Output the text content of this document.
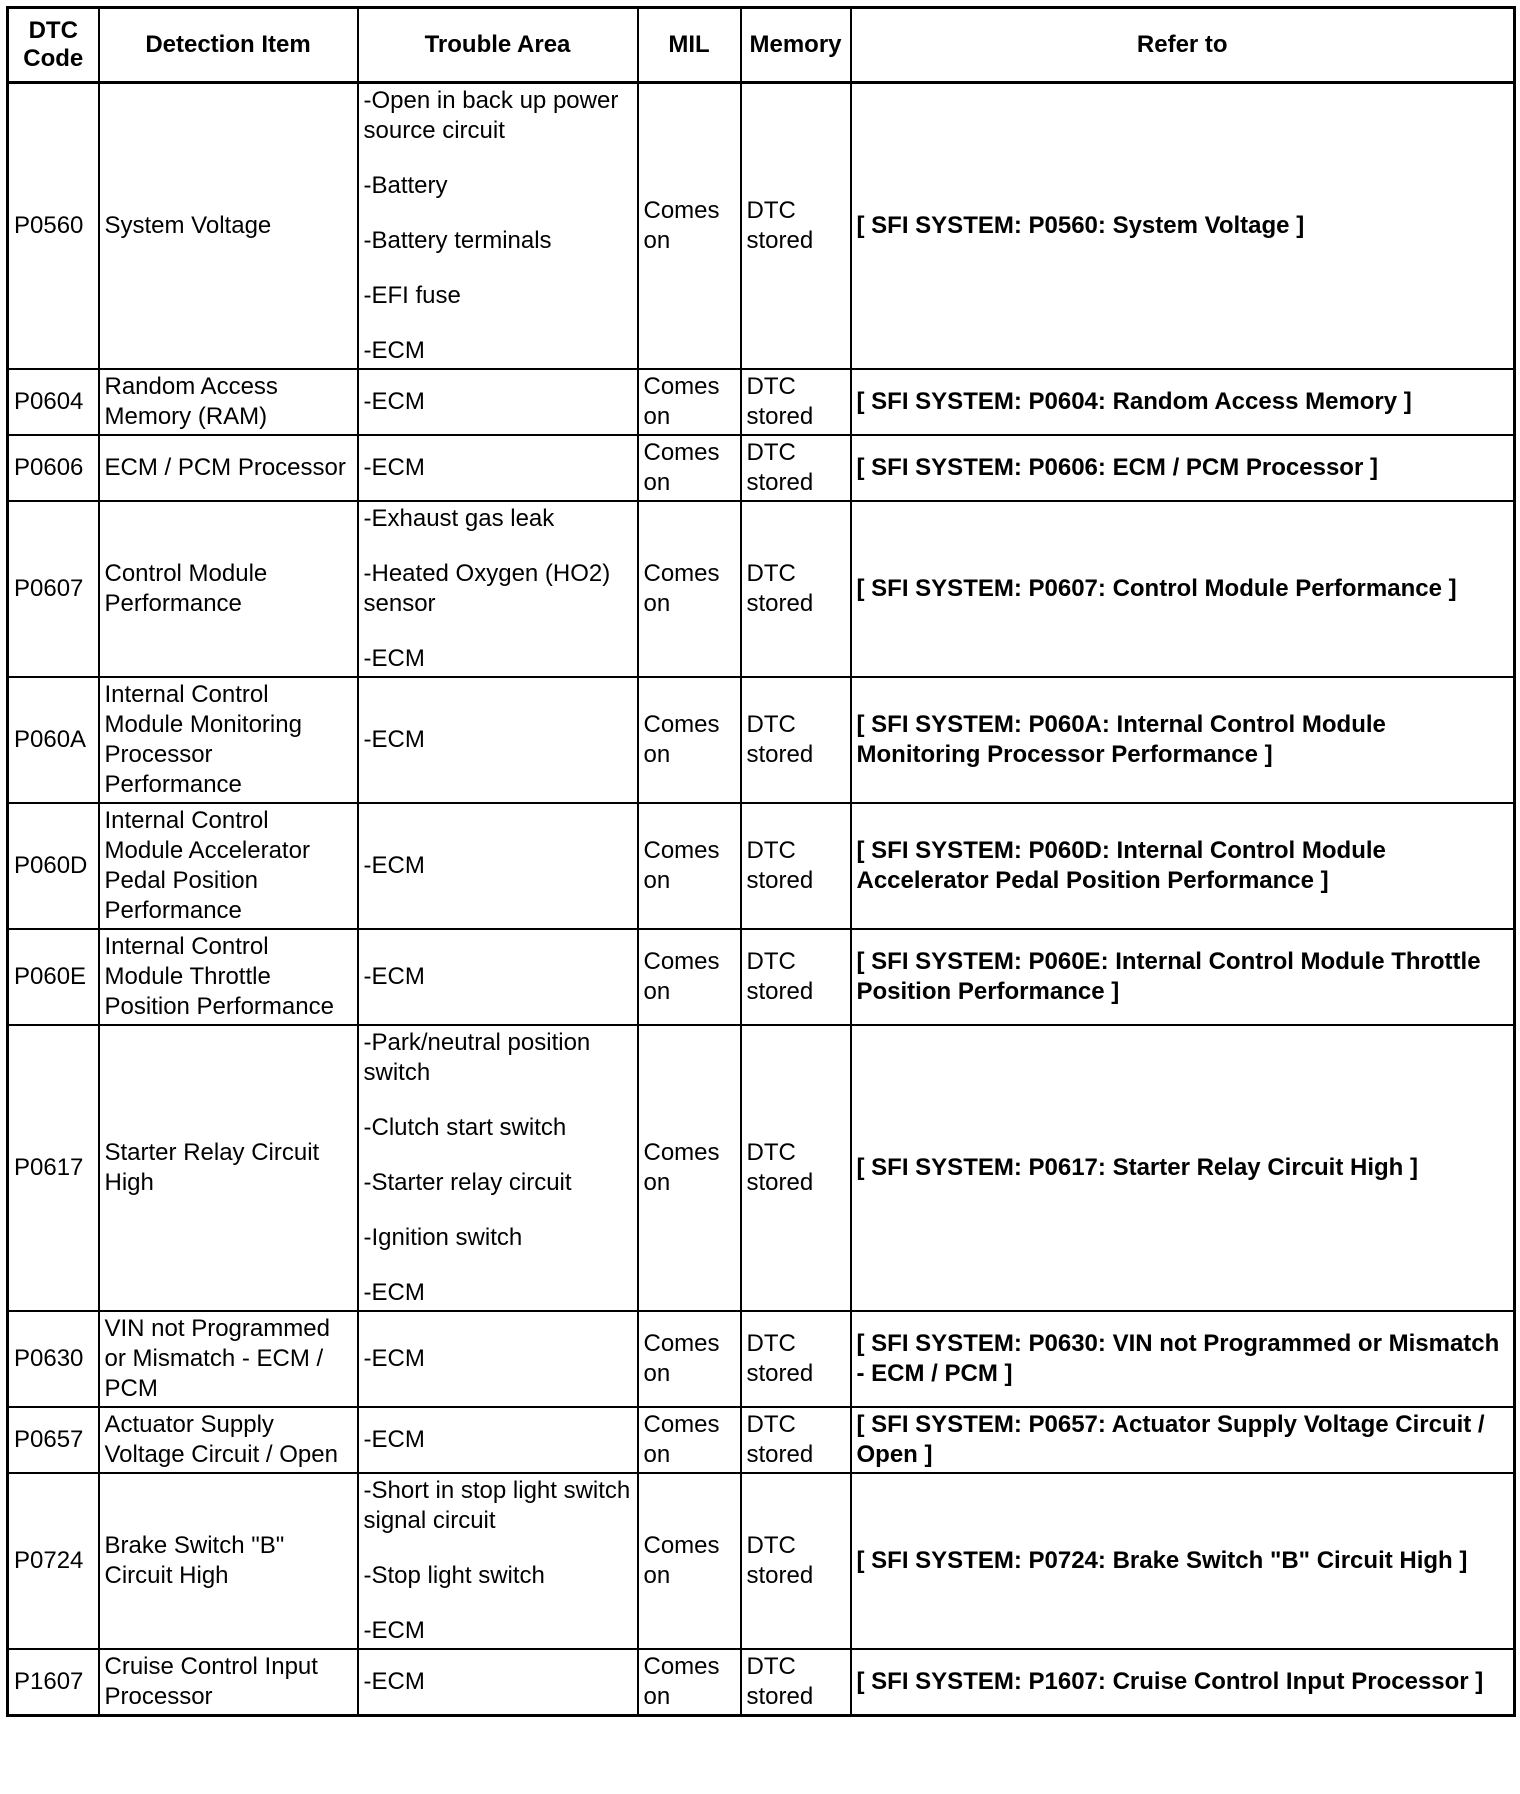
DTC Code	Detection Item	Trouble Area	MIL	Memory	Refer to
P0560	System Voltage	-Open in back up power source circuit
-Battery
-Battery terminals
-EFI fuse
-ECM	Comes on	DTC stored	[ SFI SYSTEM: P0560: System Voltage ]
P0604	Random Access Memory (RAM)	-ECM	Comes on	DTC stored	[ SFI SYSTEM: P0604: Random Access Memory ]
P0606	ECM / PCM Processor	-ECM	Comes on	DTC stored	[ SFI SYSTEM: P0606: ECM / PCM Processor ]
P0607	Control Module Performance	-Exhaust gas leak
-Heated Oxygen (HO2) sensor
-ECM	Comes on	DTC stored	[ SFI SYSTEM: P0607: Control Module Performance ]
P060A	Internal Control Module Monitoring Processor Performance	-ECM	Comes on	DTC stored	[ SFI SYSTEM: P060A: Internal Control Module Monitoring Processor Performance ]
P060D	Internal Control Module Accelerator Pedal Position Performance	-ECM	Comes on	DTC stored	[ SFI SYSTEM: P060D: Internal Control Module Accelerator Pedal Position Performance ]
P060E	Internal Control Module Throttle Position Performance	-ECM	Comes on	DTC stored	[ SFI SYSTEM: P060E: Internal Control Module Throttle Position Performance ]
P0617	Starter Relay Circuit High	-Park/neutral position switch
-Clutch start switch
-Starter relay circuit
-Ignition switch
-ECM	Comes on	DTC stored	[ SFI SYSTEM: P0617: Starter Relay Circuit High ]
P0630	VIN not Programmed or Mismatch - ECM / PCM	-ECM	Comes on	DTC stored	[ SFI SYSTEM: P0630: VIN not Programmed or Mismatch - ECM / PCM ]
P0657	Actuator Supply Voltage Circuit / Open	-ECM	Comes on	DTC stored	[ SFI SYSTEM: P0657: Actuator Supply Voltage Circuit / Open ]
P0724	Brake Switch "B" Circuit High	-Short in stop light switch signal circuit
-Stop light switch
-ECM	Comes on	DTC stored	[ SFI SYSTEM: P0724: Brake Switch "B" Circuit High ]
P1607	Cruise Control Input Processor	-ECM	Comes on	DTC stored	[ SFI SYSTEM: P1607: Cruise Control Input Processor ]
